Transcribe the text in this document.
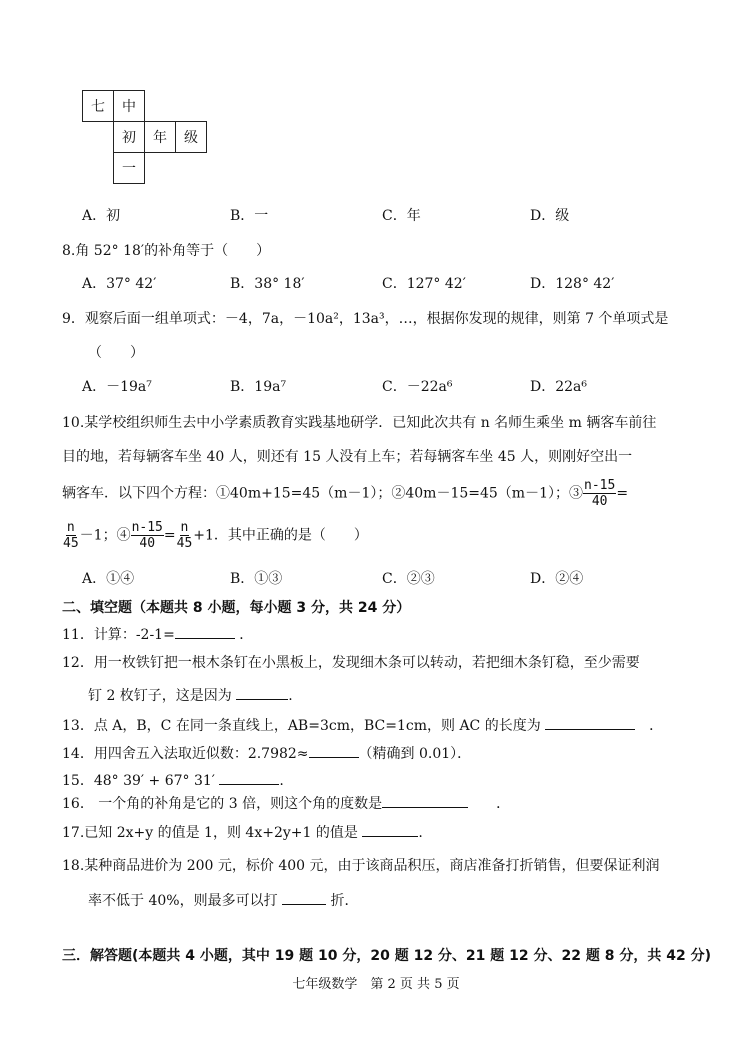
七	中
初	年	级
一
A．初	B．一	C．年	D．级
8.角 52° 18′的补角等于（　　）
A．37° 42′	B．38° 18′	C．127° 42′	D．128° 42′
9．观察后面一组单项式：－4，7a，－10a²，13a³，…，根据你发现的规律，则第 7 个单项式是
（　　）
A．－19a⁷	B．19a⁷	C．－22a⁶	D．22a⁶
10.某学校组织师生去中小学素质教育实践基地研学．已知此次共有 n 名师生乘坐 m 辆客车前往
目的地，若每辆客车坐 40 人，则还有 15 人没有上车；若每辆客车坐 45 人，则刚好空出一
辆客车．以下四个方程：①40m+15=45（m－1）；②40m－15=45（m－1）；③ $\frac{n-15}{40}$ =
$\frac{n}{45} -1$；④ $\frac{n-15}{40} = \frac{n}{45} +1$．其中正确的是（　　）
A．①④	B．①③	C．②③	D．②④
二、填空题（本题共 8 小题，每小题 3 分，共 24 分）
11．计算：-2-1=	．
12．用一枚铁钉把一根木条钉在小黑板上，发现细木条可以转动，若把细木条钉稳，至少需要
钉 2 枚钉子，这是因为	.
13．点 A，B，C 在同一条直线上，AB=3cm，BC=1cm，则 AC 的长度为 　	．
14．用四舍五入法取近似数：2.7982≈	（精确到 0.01）．
15．48° 39′ + 67° 31′	.
16． 一个角的补角是它的 3 倍，则这个角的度数是　　	．
17.已知 2x+y 的值是 1，则 4x+2y+1 的值是	.
18.某种商品进价为 200 元，标价 400 元，由于该商品积压，商店准备打折销售，但要保证利润
率不低于 40%，则最多可以打	折．
三．解答题(本题共 4 小题，其中 19 题 10 分，20 题 12 分、21 题 12 分、22 题 8 分，共 42 分)
七年级数学　第 2 页 共 5 页
